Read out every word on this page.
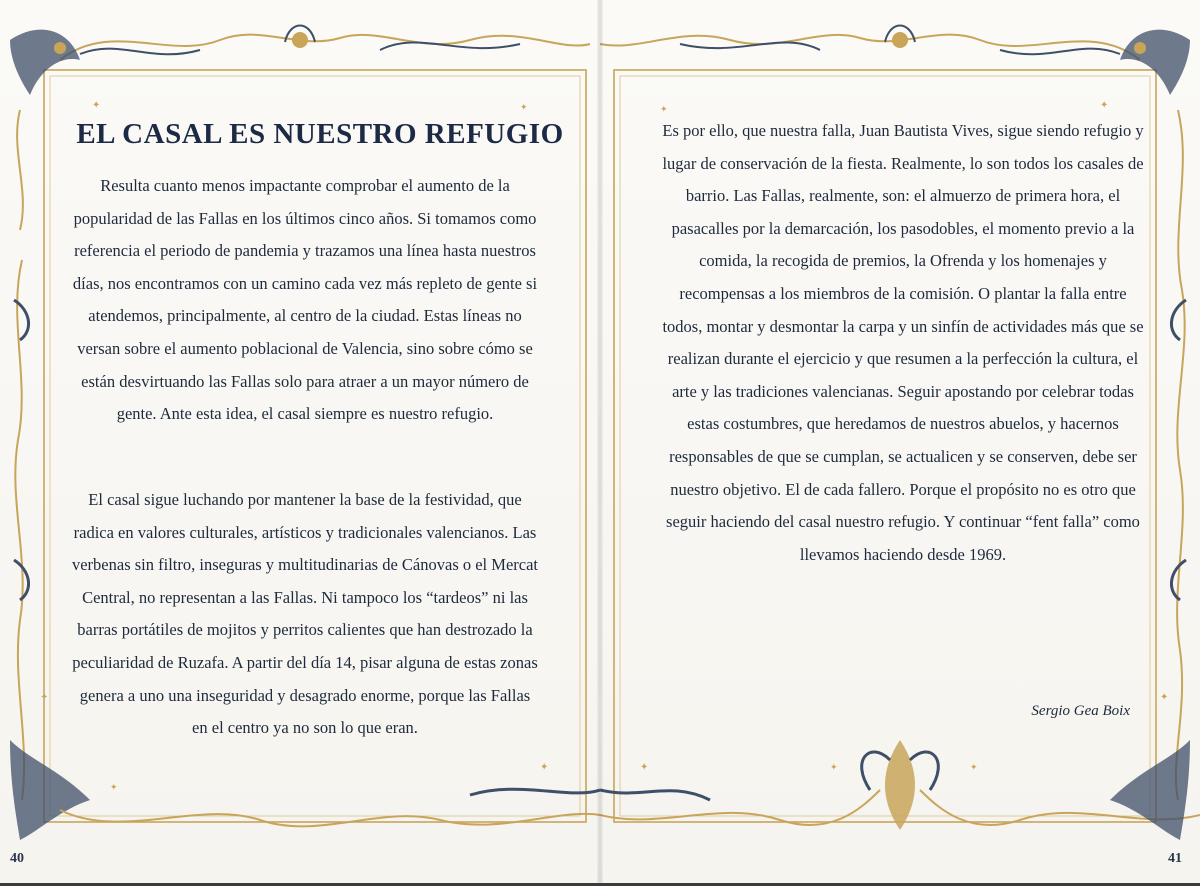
✦	✦
✦
✦
✦
EL CASAL ES NUESTRO REFUGIO
Resulta cuanto menos impactante comprobar el aumento de la popularidad de las Fallas en los últimos cinco años. Si tomamos como referencia el periodo de pandemia y trazamos una línea hasta nuestros días, nos encontramos con un camino cada vez más repleto de gente si atendemos, principalmente, al centro de la ciudad. Estas líneas no versan sobre el aumento poblacional de Valencia, sino sobre cómo se están desvirtuando las Fallas solo para atraer a un mayor número de gente. Ante esta idea, el casal siempre es nuestro refugio.
El casal sigue luchando por mantener la base de la festividad, que radica en valores culturales, artísticos y tradicionales valencianos. Las verbenas sin filtro, inseguras y multitudinarias de Cánovas o el Mercat Central, no representan a las Fallas. Ni tampoco los “tardeos” ni las barras portátiles de mojitos y perritos calientes que han destrozado la peculiaridad de Ruzafa. A partir del día 14, pisar alguna de estas zonas genera a uno una inseguridad y desagrado enorme, porque las Fallas en el centro ya no son lo que eran.
40
✦	✦
✦	✦	✦
✦
Es por ello, que nuestra falla, Juan Bautista Vives, sigue siendo refugio y lugar de conservación de la fiesta. Realmente, lo son todos los casales de barrio. Las Fallas, realmente, son: el almuerzo de primera hora, el pasacalles por la demarcación, los pasodobles, el momento previo a la comida, la recogida de premios, la Ofrenda y los homenajes y recompensas a los miembros de la comisión. O plantar la falla entre todos, montar y desmontar la carpa y un sinfín de actividades más que se realizan durante el ejercicio y que resumen a la perfección la cultura, el arte y las tradiciones valencianas. Seguir apostando por celebrar todas estas costumbres, que heredamos de nuestros abuelos, y hacernos responsables de que se cumplan, se actualicen y se conserven, debe ser nuestro objetivo. El de cada fallero. Porque el propósito no es otro que seguir haciendo del casal nuestro refugio. Y continuar “fent falla” como llevamos haciendo desde 1969.
Sergio Gea Boix
41
